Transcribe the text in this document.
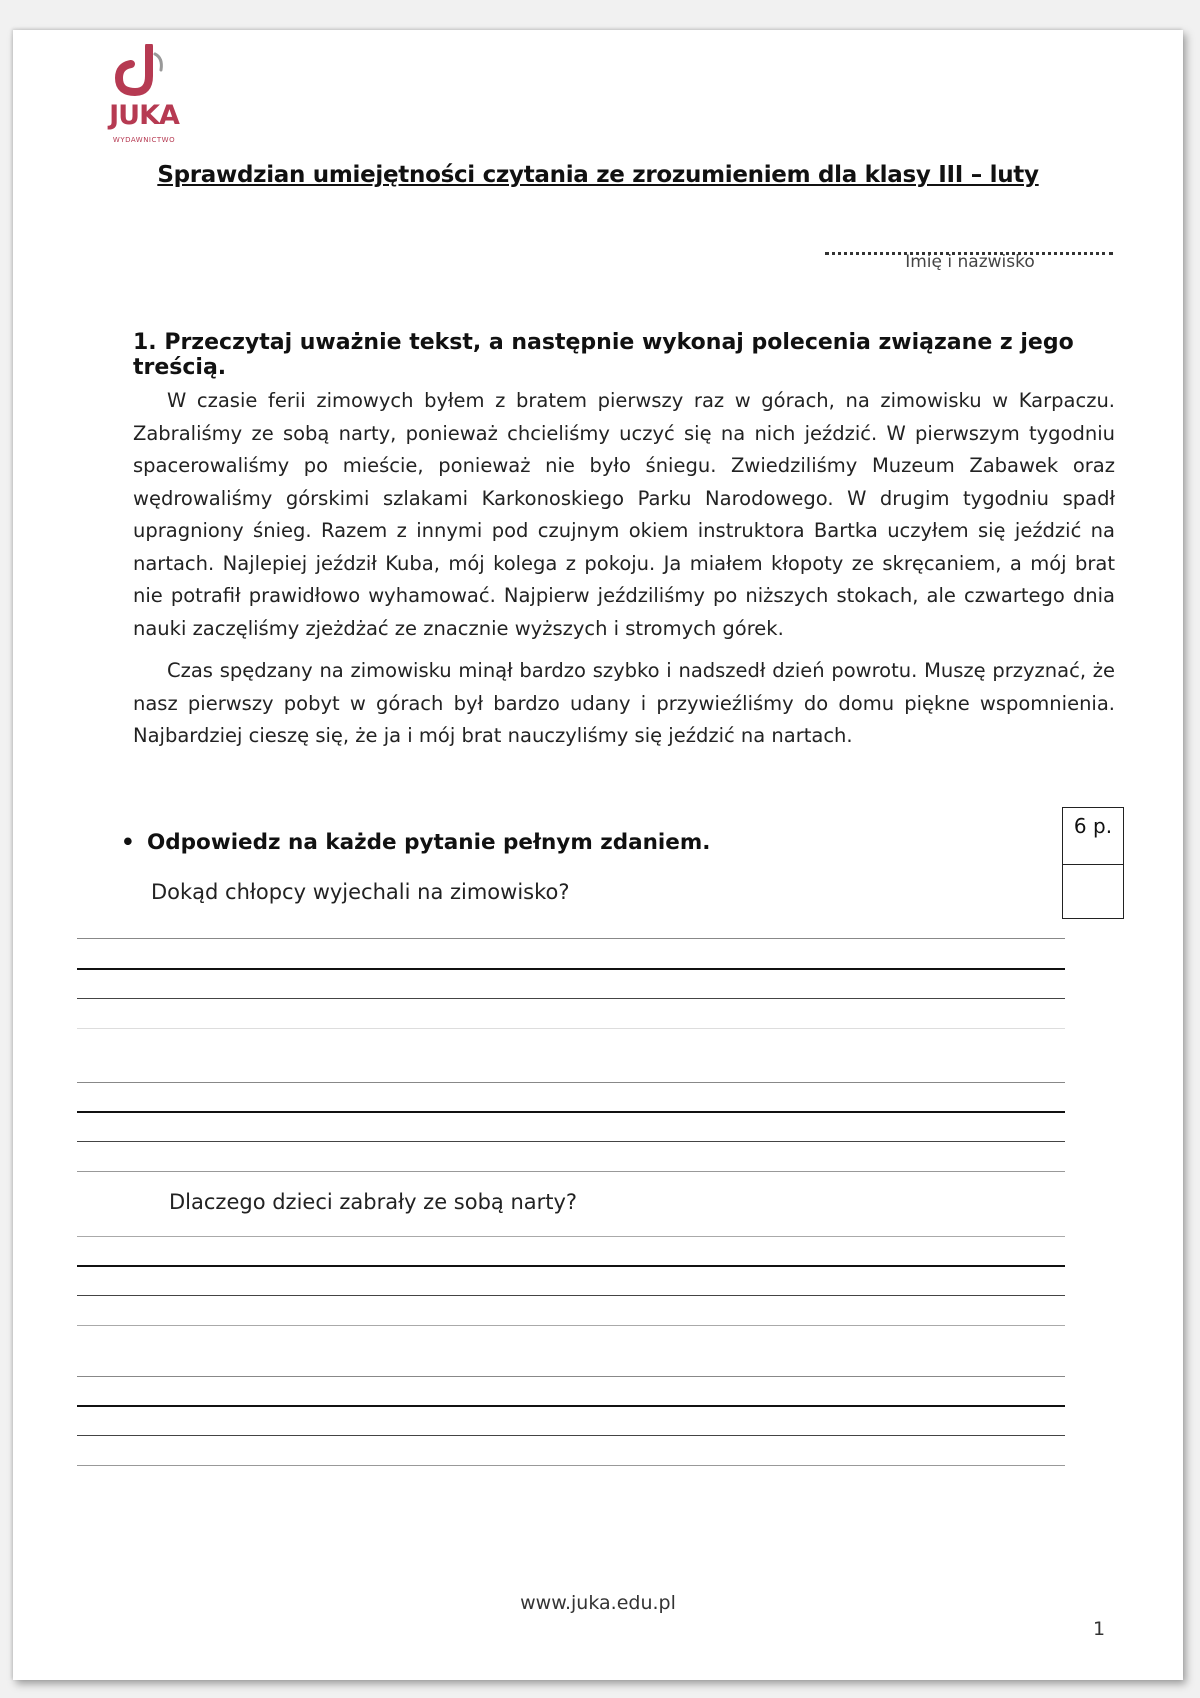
JUKA
WYDAWNICTWO
Sprawdzian umiejętności czytania ze zrozumieniem dla klasy III – luty
Imię i nazwisko
1. Przeczytaj uważnie tekst, a następnie wykonaj polecenia związane z jego treścią.

W czasie ferii zimowych byłem z bratem pierwszy raz w górach, na zimowisku w Karpaczu. Zabraliśmy ze sobą narty, ponieważ chcieliśmy uczyć się na nich jeździć. W pierwszym tygodniu spacerowaliśmy po mieście, ponieważ nie było śniegu. Zwiedziliśmy Muzeum Zabawek oraz wędrowaliśmy górskimi szlakami Karkonoskiego Parku Narodowego. W drugim tygodniu spadł upragniony śnieg. Razem z innymi pod czujnym okiem instruktora Bartka uczyłem się jeździć na nartach. Najlepiej jeździł Kuba, mój kolega z pokoju. Ja miałem kłopoty ze skręcaniem, a mój brat nie potrafił prawidłowo wyhamować. Najpierw jeździliśmy po niższych stokach, ale czwartego dnia nauki zaczęliśmy zjeżdżać ze znacznie wyższych i stromych górek.

Czas spędzany na zimowisku minął bardzo szybko i nadszedł dzień powrotu. Muszę przyznać, że nasz pierwszy pobyt w górach był bardzo udany i przywieźliśmy do domu piękne wspomnienia. Najbardziej cieszę się, że ja i mój brat nauczyliśmy się jeździć na nartach.

6 p.
• Odpowiedz na każde pytanie pełnym zdaniem.
Dokąd chłopcy wyjechali na zimowisko?
Dlaczego dzieci zabrały ze sobą narty?
www.juka.edu.pl
1
